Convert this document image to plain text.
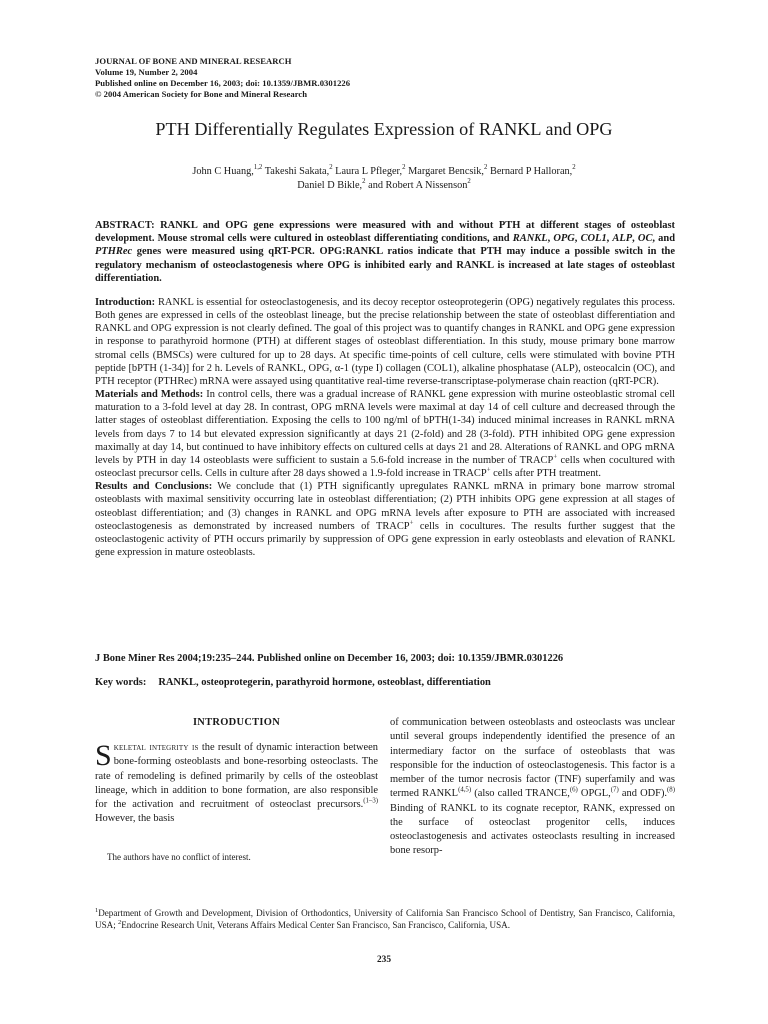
JOURNAL OF BONE AND MINERAL RESEARCH
Volume 19, Number 2, 2004
Published online on December 16, 2003; doi: 10.1359/JBMR.0301226
© 2004 American Society for Bone and Mineral Research
PTH Differentially Regulates Expression of RANKL and OPG
John C Huang,$^{1,2}$ Takeshi Sakata,$^2$ Laura L Pfleger,$^2$ Margaret Bencsik,$^2$ Bernard P Halloran,$^2$
Daniel D Bikle,$^2$ and Robert A Nissenson$^2$
ABSTRACT: RANKL and OPG gene expressions were measured with and without PTH at different stages of osteoblast development. Mouse stromal cells were cultured in osteoblast differentiating conditions, and RANKL, OPG, COL1, ALP, OC, and PTHRec genes were measured using qRT-PCR. OPG:RANKL ratios indicate that PTH may induce a possible switch in the regulatory mechanism of osteoclastogenesis where OPG is inhibited early and RANKL is increased at late stages of osteoblast differentiation.

Introduction: RANKL is essential for osteoclastogenesis, and its decoy receptor osteoprotegerin (OPG) negatively regulates this process. Both genes are expressed in cells of the osteoblast lineage, but the precise relationship between the state of osteoblast differentiation and RANKL and OPG expression is not clearly defined. The goal of this project was to quantify changes in RANKL and OPG gene expression in response to parathyroid hormone (PTH) at different stages of osteoblast differentiation. In this study, mouse primary bone marrow stromal cells (BMSCs) were cultured for up to 28 days. At specific time-points of cell culture, cells were stimulated with bovine PTH peptide [bPTH (1-34)] for 2 h. Levels of RANKL, OPG, α-1 (type I) collagen (COL1), alkaline phosphatase (ALP), osteocalcin (OC), and PTH receptor (PTHRec) mRNA were assayed using quantitative real-time reverse-transcriptase-polymerase chain reaction (qRT-PCR).

Materials and Methods: In control cells, there was a gradual increase of RANKL gene expression with murine osteoblastic stromal cell maturation to a 3-fold level at day 28. In contrast, OPG mRNA levels were maximal at day 14 of cell culture and decreased through the latter stages of osteoblast differentiation. Exposing the cells to 100 ng/ml of bPTH(1-34) induced minimal increases in RANKL mRNA levels from days 7 to 14 but elevated expression significantly at days 21 (2-fold) and 28 (3-fold). PTH inhibited OPG gene expression maximally at day 14, but continued to have inhibitory effects on cultured cells at days 21 and 28. Alterations of RANKL and OPG mRNA levels by PTH in day 14 osteoblasts were sufficient to sustain a 5.6-fold increase in the number of TRACP+ cells when cocultured with osteoclast precursor cells. Cells in culture after 28 days showed a 1.9-fold increase in TRACP+ cells after PTH treatment.

Results and Conclusions: We conclude that (1) PTH significantly upregulates RANKL mRNA in primary bone marrow stromal osteoblasts with maximal sensitivity occurring late in osteoblast differentiation; (2) PTH inhibits OPG gene expression at all stages of osteoblast differentiation; and (3) changes in RANKL and OPG mRNA levels after exposure to PTH are associated with increased osteoclastogenesis as demonstrated by increased numbers of TRACP+ cells in cocultures. The results further suggest that the osteoclastogenic activity of PTH occurs primarily by suppression of OPG gene expression in early osteoblasts and elevation of RANKL gene expression in mature osteoblasts.

J Bone Miner Res 2004;19:235–244. Published online on December 16, 2003; doi: 10.1359/JBMR.0301226
Key words: RANKL, osteoprotegerin, parathyroid hormone, osteoblast, differentiation
INTRODUCTION

Skeletal integrity is the result of dynamic interaction between bone-forming osteoblasts and bone-resorbing osteoclasts. The rate of remodeling is defined primarily by cells of the osteoblast lineage, which in addition to bone formation, are also responsible for the activation and recruitment of osteoclast precursors.$^{(1-3)}$ However, the basis

The authors have no conflict of interest.
of communication between osteoblasts and osteoclasts was unclear until several groups independently identified the presence of an intermediary factor on the surface of osteoblasts that was responsible for the induction of osteoclastogenesis. This factor is a member of the tumor necrosis factor (TNF) superfamily and was termed RANKL$^{(4,5)}$ (also called TRANCE,$^{(6)}$ OPGL,$^{(7)}$ and ODF).$^{(8)}$ Binding of RANKL to its cognate receptor, RANK, expressed on the surface of osteoclast progenitor cells, induces osteoclastogenesis and activates osteoclasts resulting in increased bone resorp-
$^1$Department of Growth and Development, Division of Orthodontics, University of California San Francisco School of Dentistry, San Francisco, California, USA; $^2$Endocrine Research Unit, Veterans Affairs Medical Center San Francisco, San Francisco, California, USA.
235
